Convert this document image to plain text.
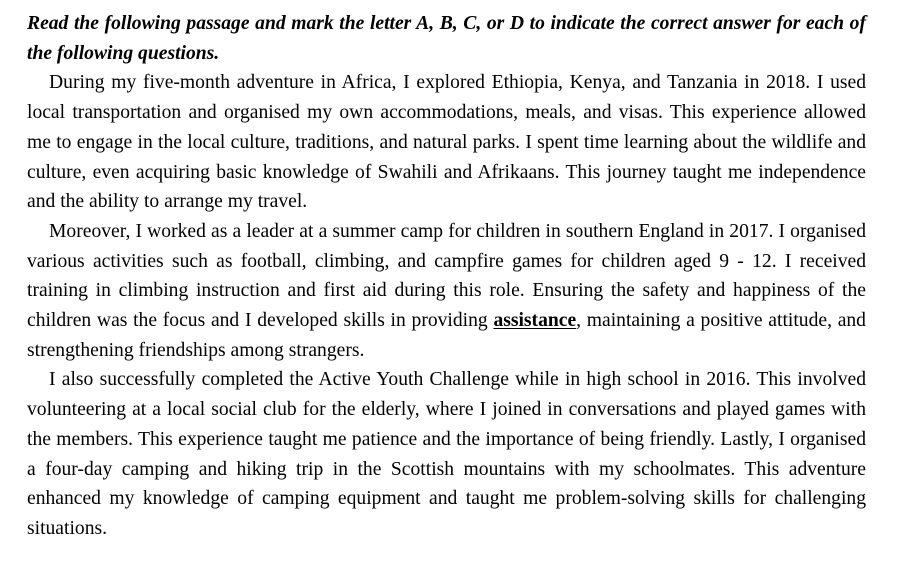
Read the following passage and mark the letter A, B, C, or D to indicate the correct answer for each of the following questions.

During my five-month adventure in Africa, I explored Ethiopia, Kenya, and Tanzania in 2018. I used local transportation and organised my own accommodations, meals, and visas. This experience allowed me to engage in the local culture, traditions, and natural parks. I spent time learning about the wildlife and culture, even acquiring basic knowledge of Swahili and Afrikaans. This journey taught me independence and the ability to arrange my travel.

Moreover, I worked as a leader at a summer camp for children in southern England in 2017. I organised various activities such as football, climbing, and campfire games for children aged 9 - 12. I received training in climbing instruction and first aid during this role. Ensuring the safety and happiness of the children was the focus and I developed skills in providing assistance, maintaining a positive attitude, and strengthening friendships among strangers.

I also successfully completed the Active Youth Challenge while in high school in 2016. This involved volunteering at a local social club for the elderly, where I joined in conversations and played games with the members. This experience taught me patience and the importance of being friendly. Lastly, I organised a four-day camping and hiking trip in the Scottish mountains with my schoolmates. This adventure enhanced my knowledge of camping equipment and taught me problem-solving skills for challenging situations.
